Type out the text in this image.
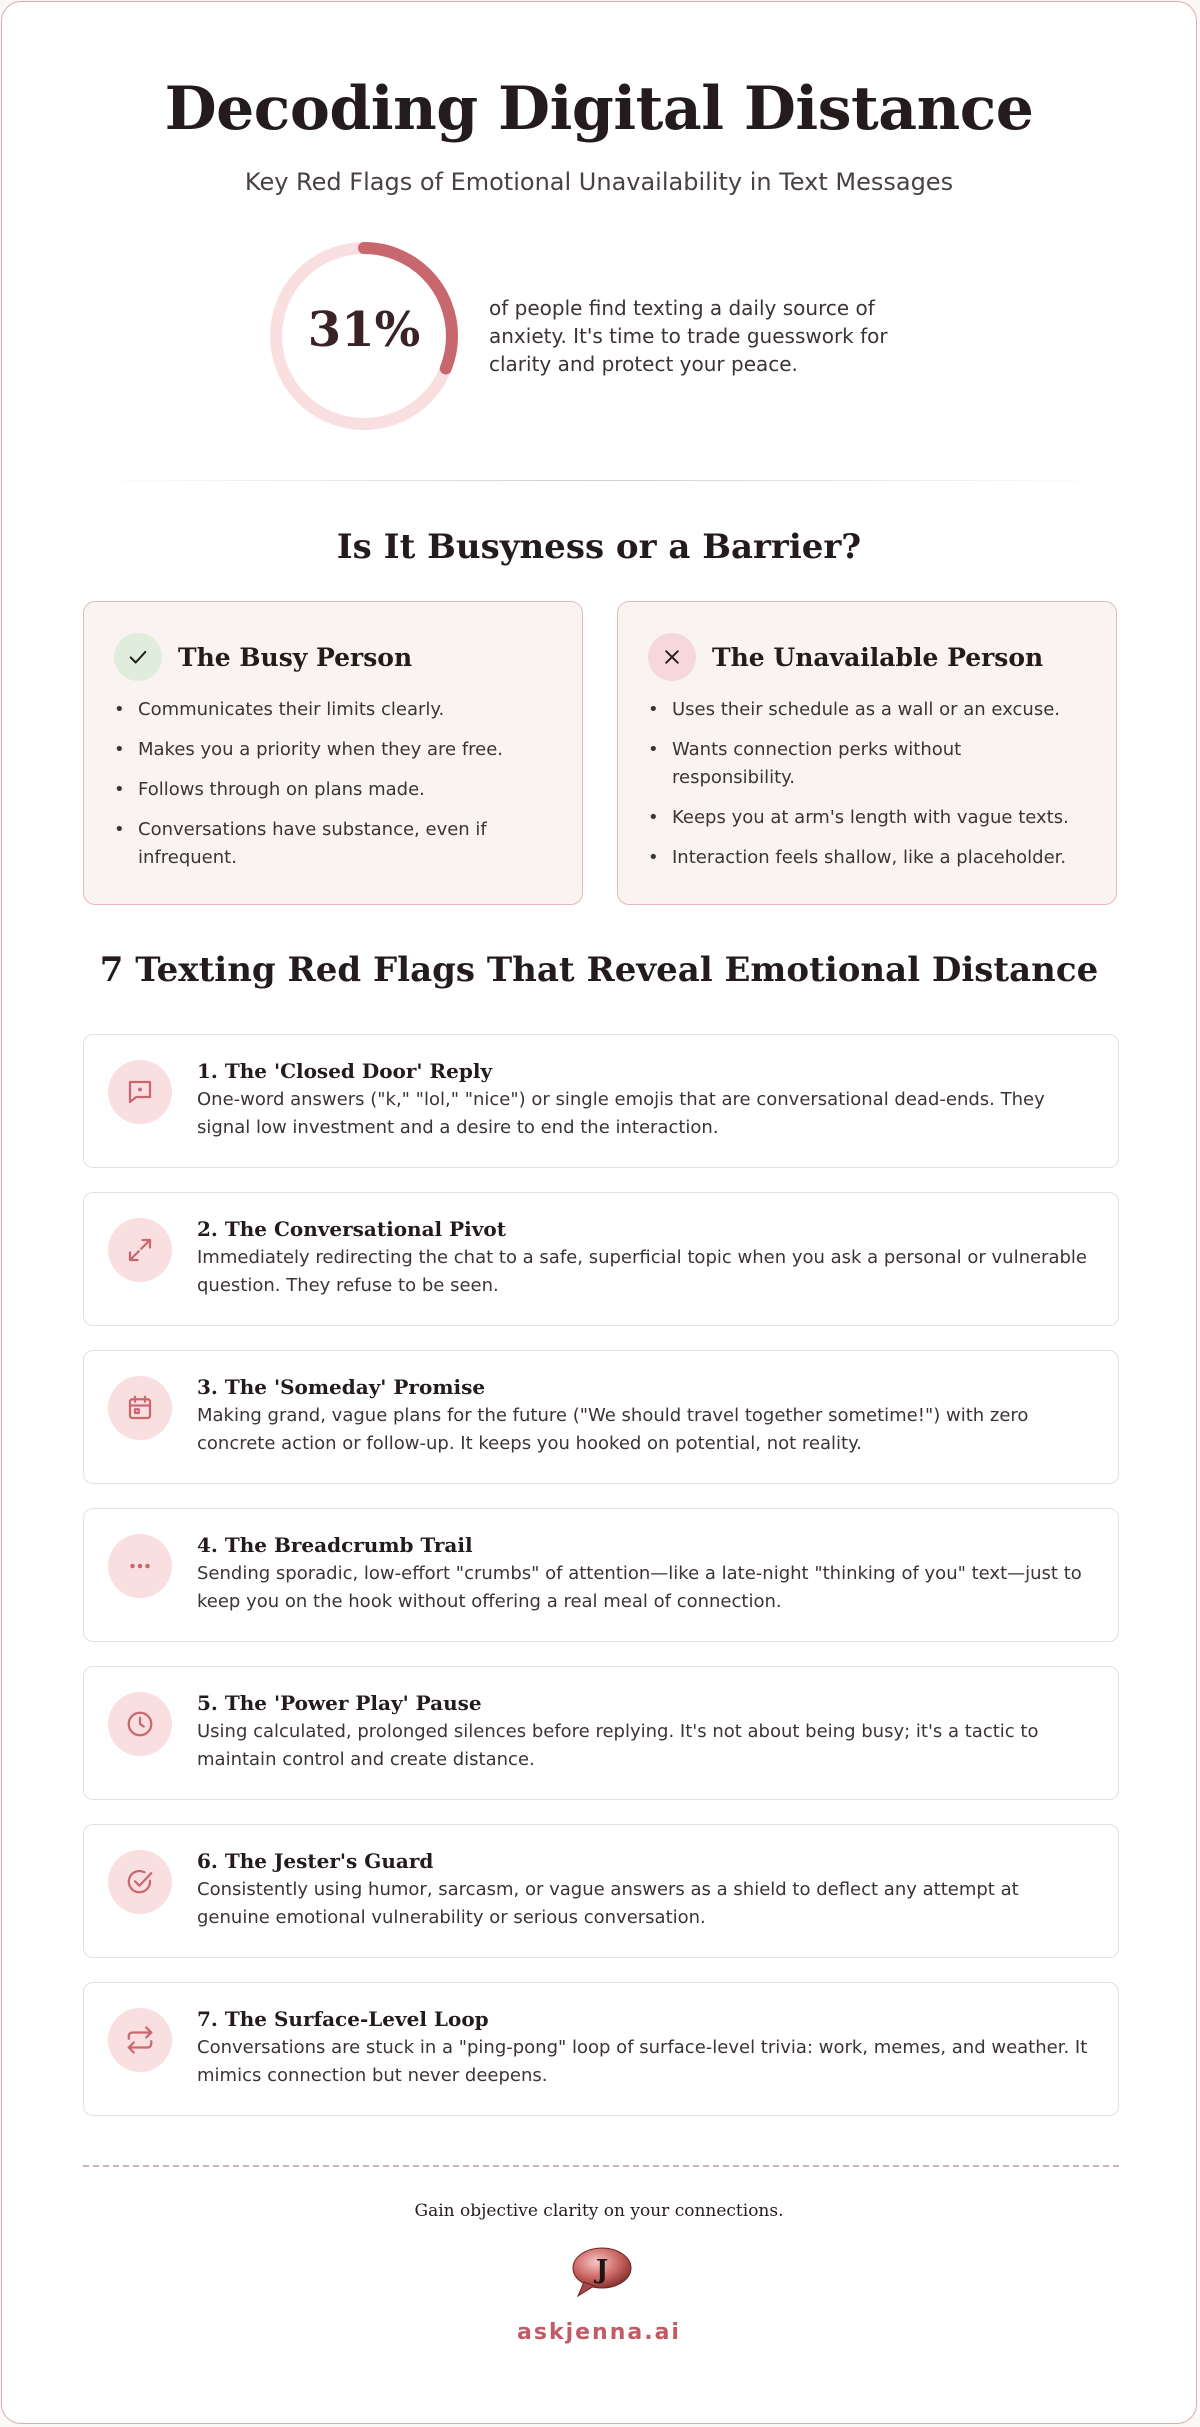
Decoding Digital Distance

Key Red Flags of Emotional Unavailability in Text Messages

31%	of people find texting a daily source of anxiety. It's time to trade guesswork for clarity and protect your peace.
Is It Busyness or a Barrier?
The Busy Person
• Communicates their limits clearly.
• Makes you a priority when they are free.
• Follows through on plans made.
• Conversations have substance, even if infrequent.
The Unavailable Person
• Uses their schedule as a wall or an excuse.
• Wants connection perks without responsibility.
• Keeps you at arm's length with vague texts.
• Interaction feels shallow, like a placeholder.
7 Texting Red Flags That Reveal Emotional Distance
1. The 'Closed Door' Reply

One-word answers ("k," "lol," "nice") or single emojis that are conversational dead-ends. They signal low investment and a desire to end the interaction.

2. The Conversational Pivot

Immediately redirecting the chat to a safe, superficial topic when you ask a personal or vulnerable question. They refuse to be seen.

3. The 'Someday' Promise

Making grand, vague plans for the future ("We should travel together sometime!") with zero concrete action or follow-up. It keeps you hooked on potential, not reality.

4. The Breadcrumb Trail

Sending sporadic, low-effort "crumbs" of attention—like a late-night "thinking of you" text—just to keep you on the hook without offering a real meal of connection.

5. The 'Power Play' Pause

Using calculated, prolonged silences before replying. It's not about being busy; it's a tactic to maintain control and create distance.

6. The Jester's Guard

Consistently using humor, sarcasm, or vague answers as a shield to deflect any attempt at genuine emotional vulnerability or serious conversation.

7. The Surface-Level Loop

Conversations are stuck in a "ping-pong" loop of surface-level trivia: work, memes, and weather. It mimics connection but never deepens.

Gain objective clarity on your connections.
J
askjenna.ai
